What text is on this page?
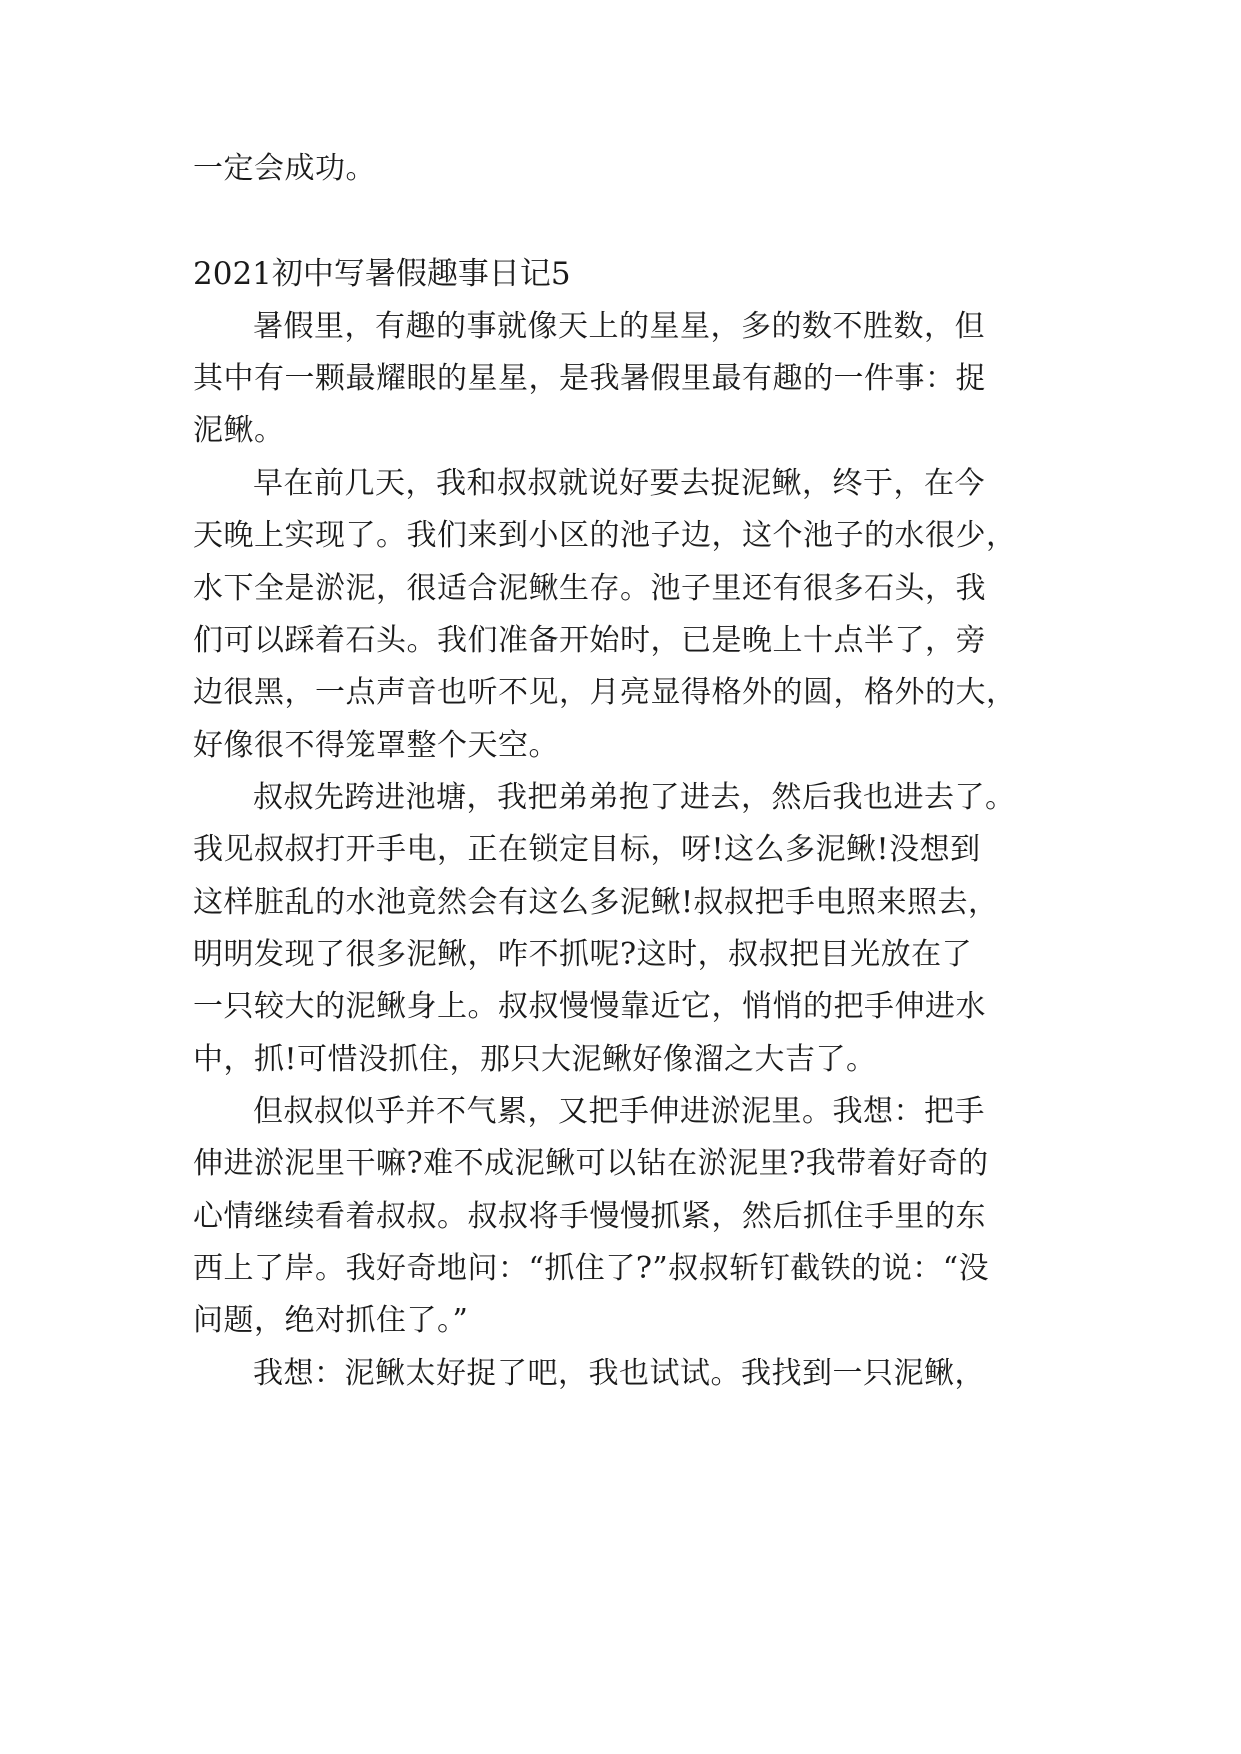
一定会成功。
2021初中写暑假趣事日记5
暑假里，有趣的事就像天上的星星，多的数不胜数，但
其中有一颗最耀眼的星星，是我暑假里最有趣的一件事：捉
泥鳅。
早在前几天，我和叔叔就说好要去捉泥鳅，终于，在今
天晚上实现了。我们来到小区的池子边，这个池子的水很少，
水下全是淤泥，很适合泥鳅生存。池子里还有很多石头，我
们可以踩着石头。我们准备开始时，已是晚上十点半了，旁
边很黑，一点声音也听不见，月亮显得格外的圆，格外的大，
好像很不得笼罩整个天空。
叔叔先跨进池塘，我把弟弟抱了进去，然后我也进去了。
我见叔叔打开手电，正在锁定目标，呀!这么多泥鳅!没想到
这样脏乱的水池竟然会有这么多泥鳅!叔叔把手电照来照去，
明明发现了很多泥鳅，咋不抓呢?这时，叔叔把目光放在了
一只较大的泥鳅身上。叔叔慢慢靠近它，悄悄的把手伸进水
中，抓!可惜没抓住，那只大泥鳅好像溜之大吉了。
但叔叔似乎并不气累，又把手伸进淤泥里。我想：把手
伸进淤泥里干嘛?难不成泥鳅可以钻在淤泥里?我带着好奇的
心情继续看着叔叔。叔叔将手慢慢抓紧，然后抓住手里的东
西上了岸。我好奇地问：“抓住了?”叔叔斩钉截铁的说：“没
问题，绝对抓住了。”
我想：泥鳅太好捉了吧，我也试试。我找到一只泥鳅，
